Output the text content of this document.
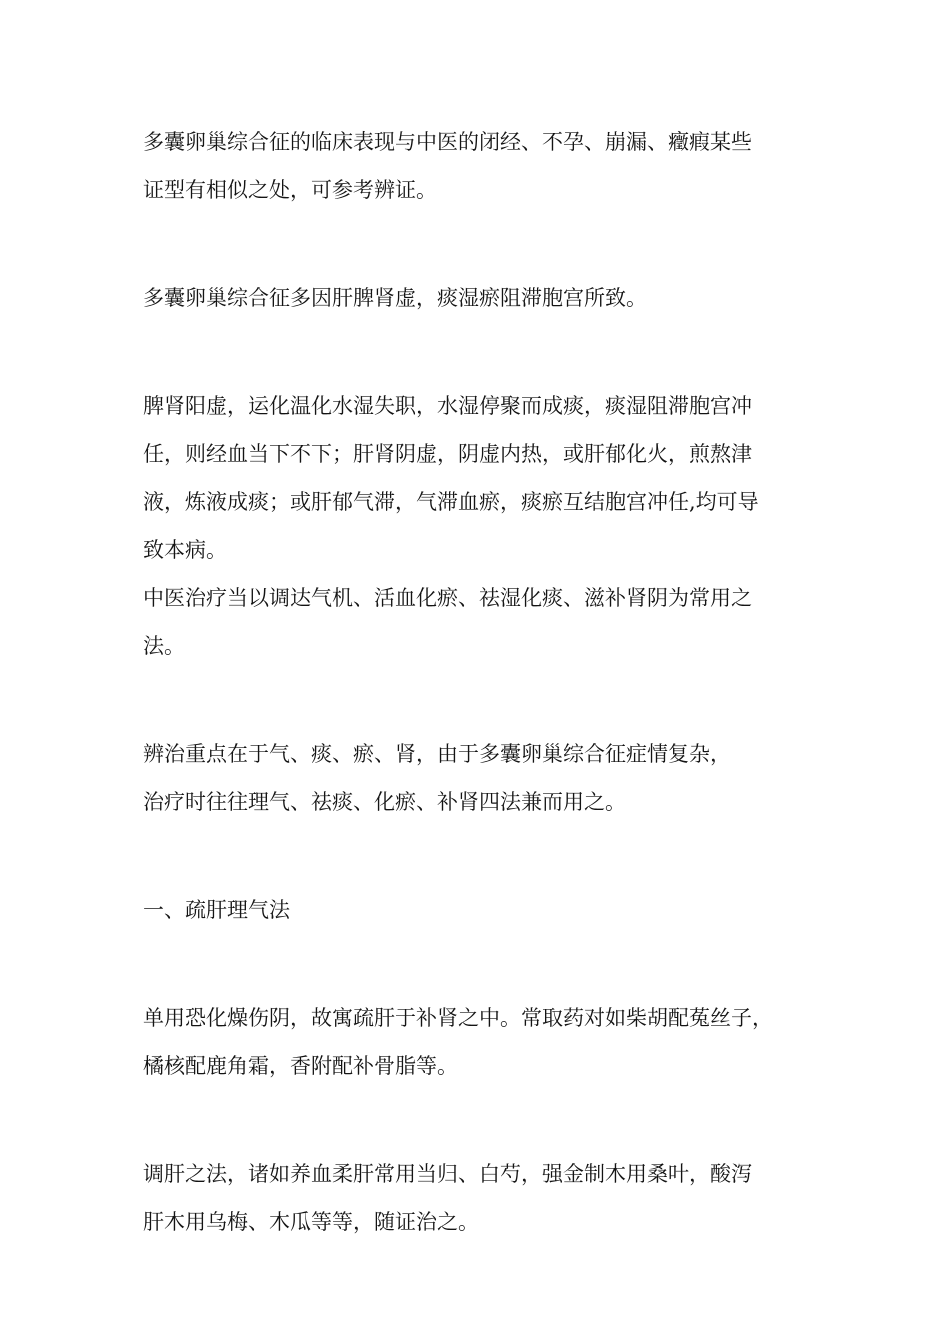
多囊卵巢综合征的临床表现与中医的闭经、不孕、崩漏、癥瘕某些
证型有相似之处，可参考辨证。

多囊卵巢综合征多因肝脾肾虚，痰湿瘀阻滞胞宫所致。

脾肾阳虚，运化温化水湿失职，水湿停聚而成痰，痰湿阻滞胞宫冲
任，则经血当下不下；肝肾阴虚，阴虚内热，或肝郁化火，煎熬津
液，炼液成痰；或肝郁气滞，气滞血瘀，痰瘀互结胞宫冲任,均可导
致本病。

中医治疗当以调达气机、活血化瘀、祛湿化痰、滋补肾阴为常用之
法。

辨治重点在于气、痰、瘀、肾，由于多囊卵巢综合征症情复杂，
治疗时往往理气、祛痰、化瘀、补肾四法兼而用之。

一、疏肝理气法

单用恐化燥伤阴，故寓疏肝于补肾之中。常取药对如柴胡配菟丝子，
橘核配鹿角霜，香附配补骨脂等。

调肝之法，诸如养血柔肝常用当归、白芍，强金制木用桑叶，酸泻
肝木用乌梅、木瓜等等，随证治之。
